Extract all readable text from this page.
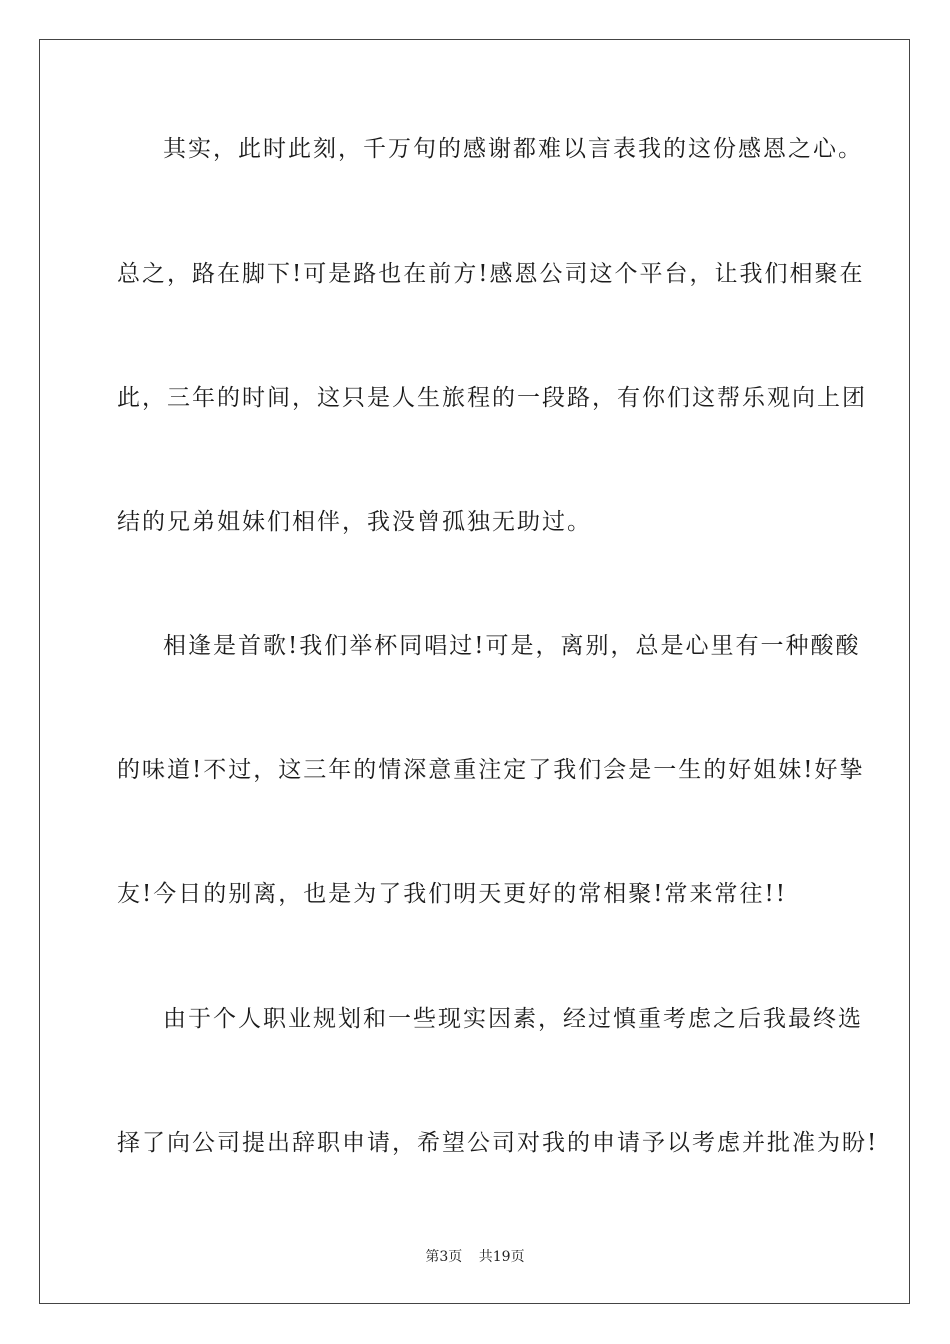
其实，此时此刻，千万句的感谢都难以言表我的这份感恩之心。
总之，路在脚下!可是路也在前方!感恩公司这个平台，让我们相聚在
此，三年的时间，这只是人生旅程的一段路，有你们这帮乐观向上团
结的兄弟姐妹们相伴，我没曾孤独无助过。
相逢是首歌!我们举杯同唱过!可是，离别，总是心里有一种酸酸
的味道!不过，这三年的情深意重注定了我们会是一生的好姐妹!好挚
友!今日的别离，也是为了我们明天更好的常相聚!常来常往!!
由于个人职业规划和一些现实因素，经过慎重考虑之后我最终选
择了向公司提出辞职申请，希望公司对我的申请予以考虑并批准为盼!
第3页 共19页
